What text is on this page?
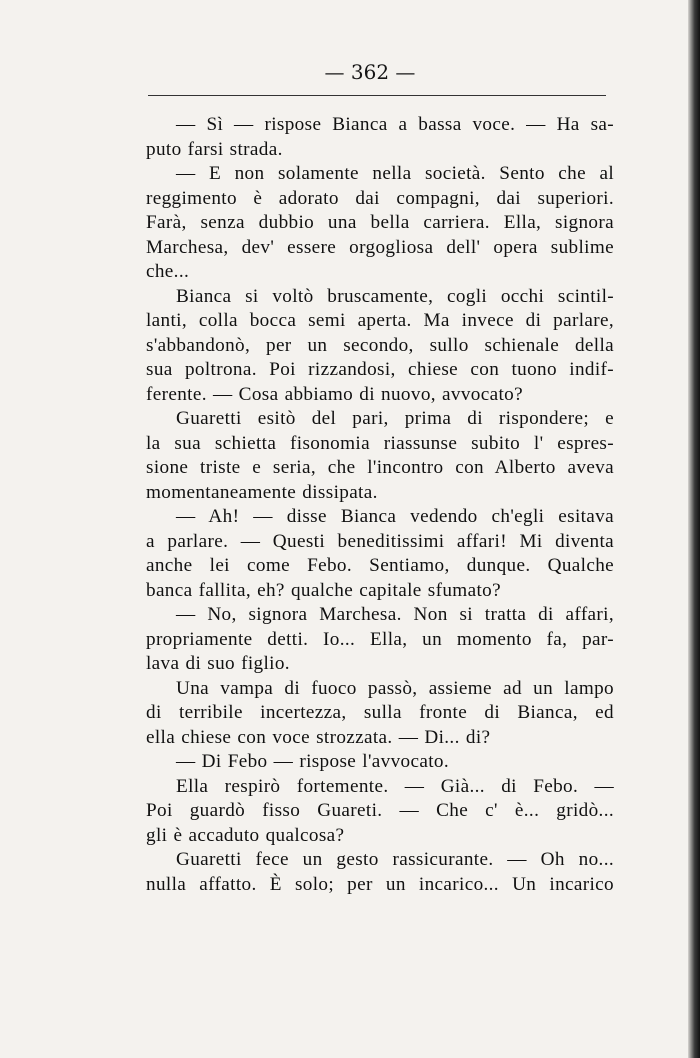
— 362 —
— Sì — rispose Bianca a bassa voce. — Ha sa-
puto farsi strada.
— E non solamente nella società. Sento che al
reggimento è adorato dai compagni, dai superiori.
Farà, senza dubbio una bella carriera. Ella, signora
Marchesa, dev' essere orgogliosa dell' opera sublime
che...
Bianca si voltò bruscamente, cogli occhi scintil-
lanti, colla bocca semi aperta. Ma invece di parlare,
s'abbandonò, per un secondo, sullo schienale della
sua poltrona. Poi rizzandosi, chiese con tuono indif-
ferente. — Cosa abbiamo di nuovo, avvocato?
Guaretti esitò del pari, prima di rispondere; e
la sua schietta fisonomia riassunse subito l' espres-
sione triste e seria, che l'incontro con Alberto aveva
momentaneamente dissipata.
— Ah! — disse Bianca vedendo ch'egli esitava
a parlare. — Questi beneditissimi affari! Mi diventa
anche lei come Febo. Sentiamo, dunque. Qualche
banca fallita, eh? qualche capitale sfumato?
— No, signora Marchesa. Non si tratta di affari,
propriamente detti. Io... Ella, un momento fa, par-
lava di suo figlio.
Una vampa di fuoco passò, assieme ad un lampo
di terribile incertezza, sulla fronte di Bianca, ed
ella chiese con voce strozzata. — Di... di?
— Di Febo — rispose l'avvocato.
Ella respirò fortemente. — Già... di Febo. —
Poi guardò fisso Guareti. — Che c' è... gridò...
gli è accaduto qualcosa?
Guaretti fece un gesto rassicurante. — Oh no...
nulla affatto. È solo; per un incarico... Un incarico
